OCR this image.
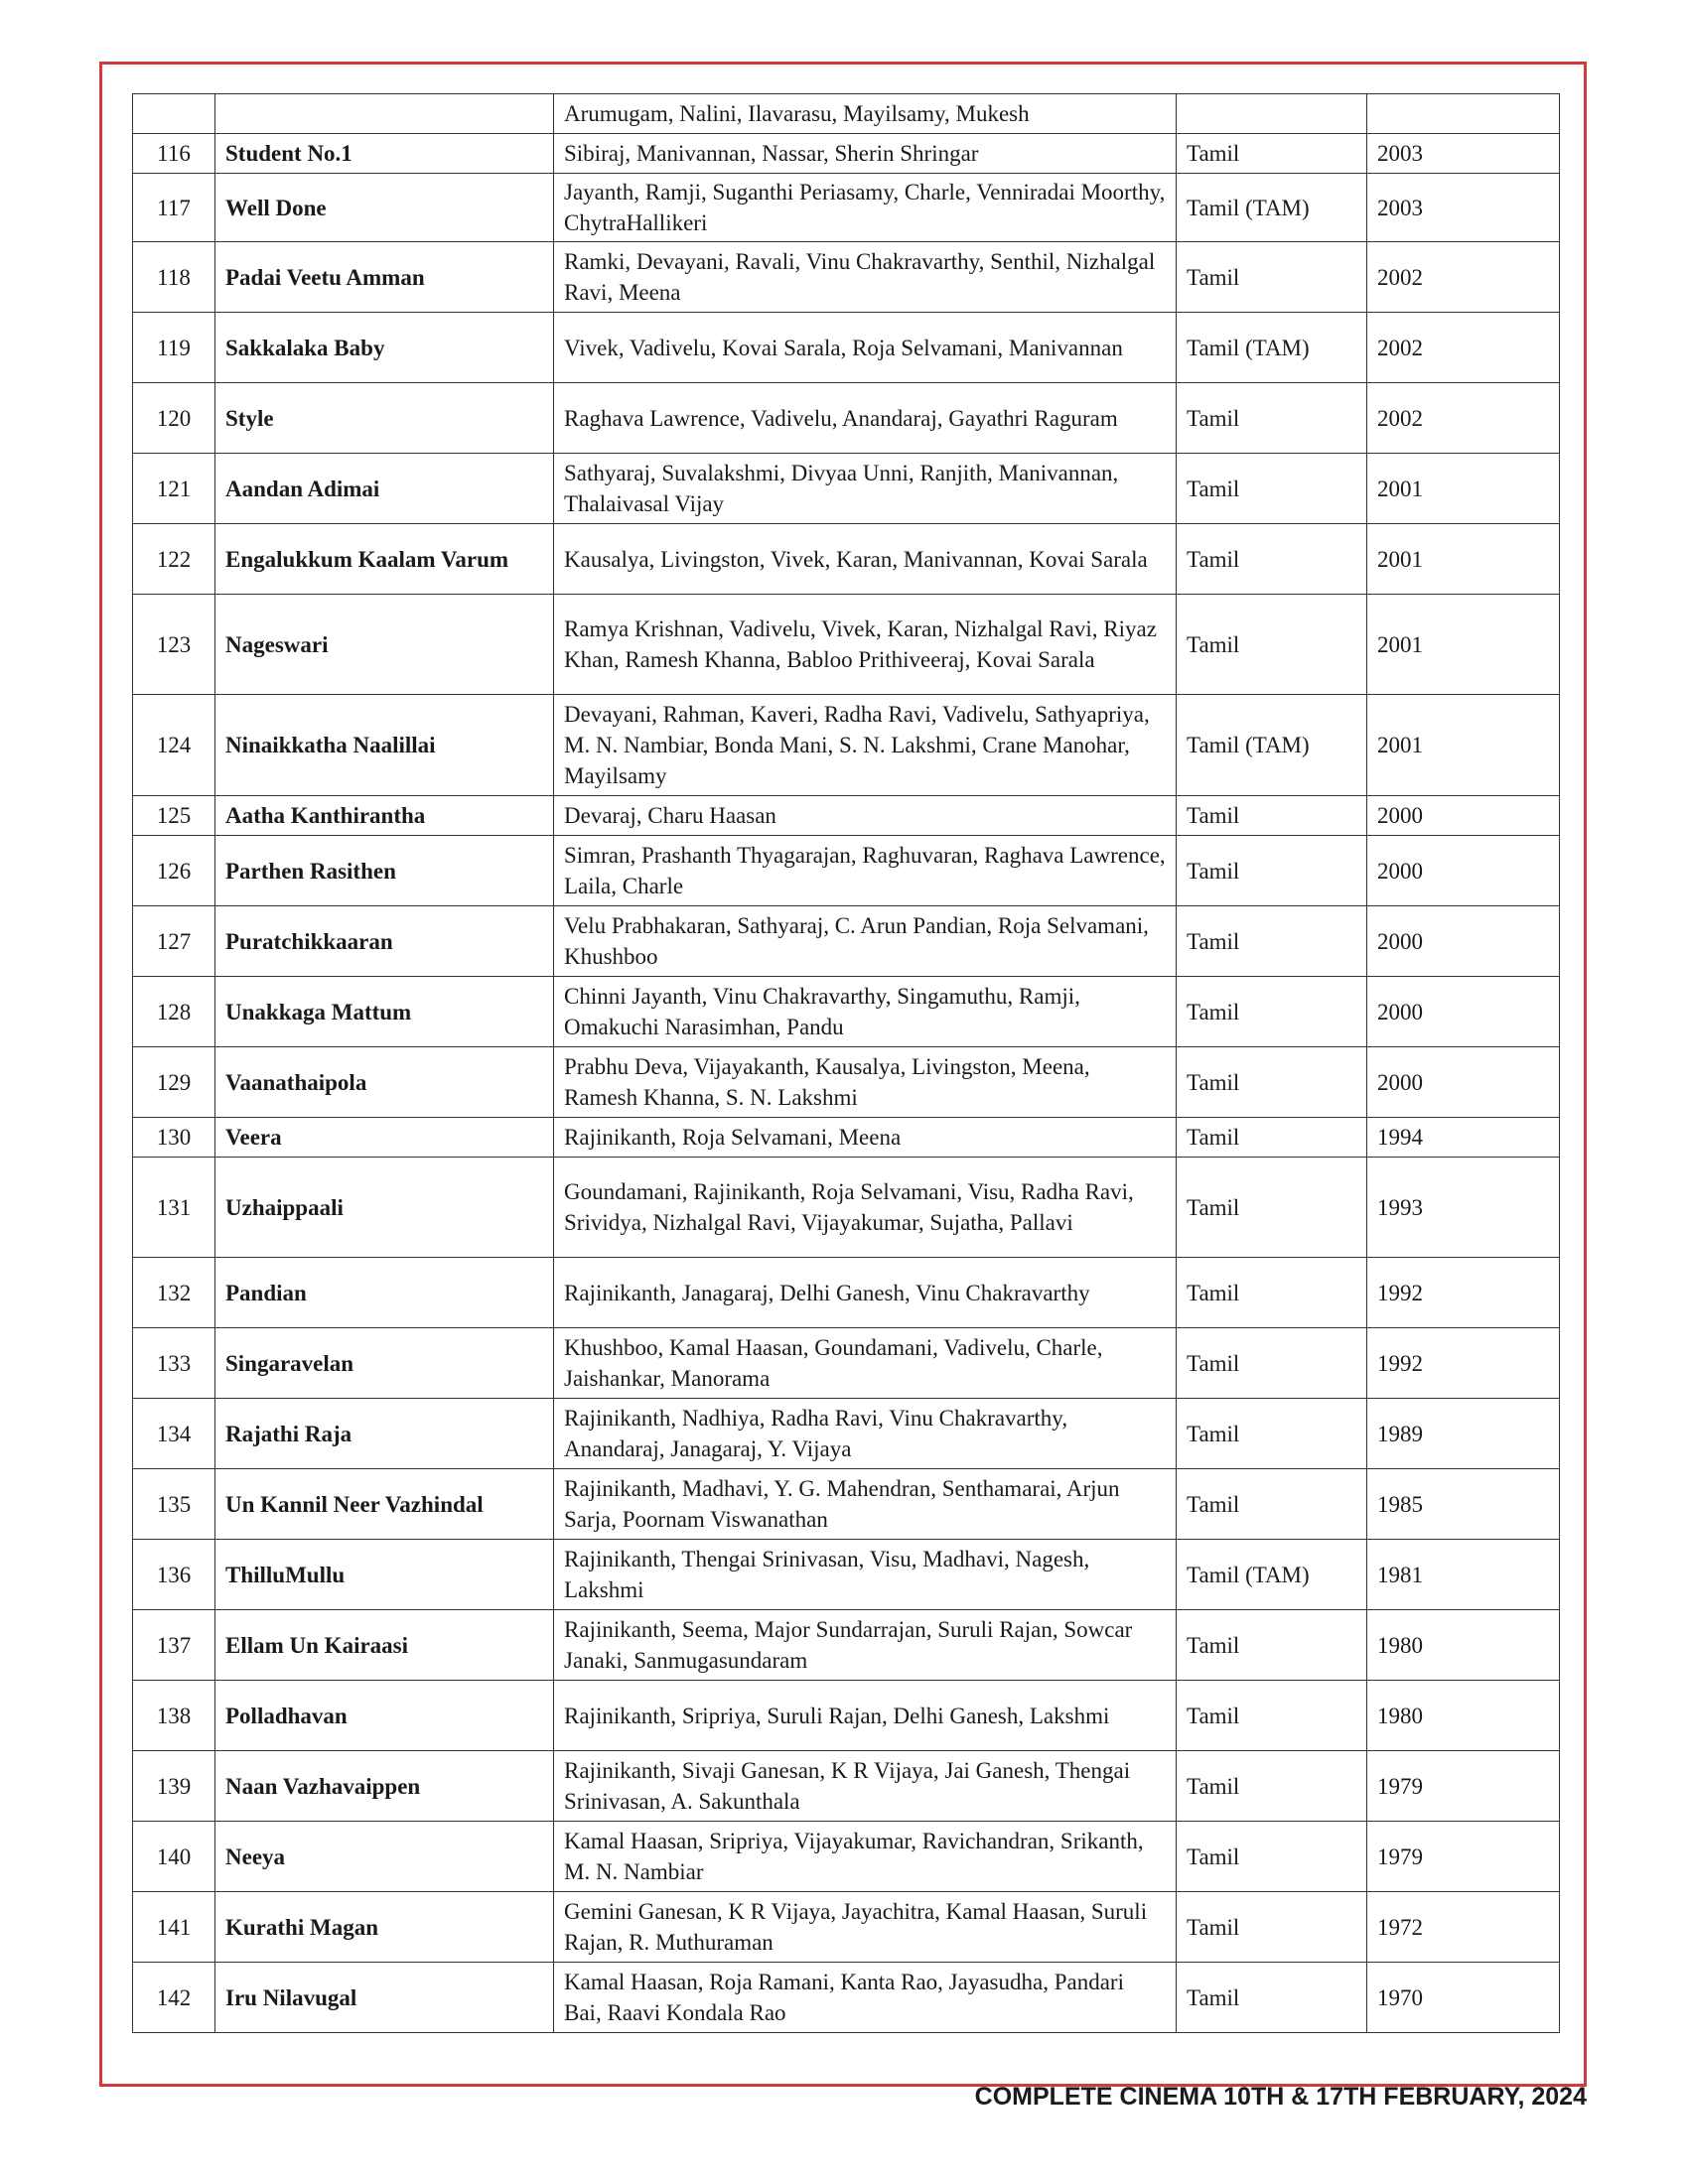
		Arumugam, Nalini, Ilavarasu, Mayilsamy, Mukesh		
116	Student No.1	Sibiraj, Manivannan, Nassar, Sherin Shringar	Tamil	2003
117	Well Done	Jayanth, Ramji, Suganthi Periasamy, Charle, Venniradai Moorthy, ChytraHallikeri	Tamil (TAM)	2003
118	Padai Veetu Amman	Ramki, Devayani, Ravali, Vinu Chakravarthy, Senthil, Nizhalgal Ravi, Meena	Tamil	2002
119	Sakkalaka Baby	Vivek, Vadivelu, Kovai Sarala, Roja Selvamani, Manivannan	Tamil (TAM)	2002
120	Style	Raghava Lawrence, Vadivelu, Anandaraj, Gayathri Raguram	Tamil	2002
121	Aandan Adimai	Sathyaraj, Suvalakshmi, Divyaa Unni, Ranjith, Manivannan, Thalaivasal Vijay	Tamil	2001
122	Engalukkum Kaalam Varum	Kausalya, Livingston, Vivek, Karan, Manivannan, Kovai Sarala	Tamil	2001
123	Nageswari	Ramya Krishnan, Vadivelu, Vivek, Karan, Nizhalgal Ravi, Riyaz Khan, Ramesh Khanna, Babloo Prithiveeraj, Kovai Sarala	Tamil	2001
124	Ninaikkatha Naalillai	Devayani, Rahman, Kaveri, Radha Ravi, Vadivelu, Sathyapriya, M. N. Nambiar, Bonda Mani, S. N. Lakshmi, Crane Manohar, Mayilsamy	Tamil (TAM)	2001
125	Aatha Kanthirantha	Devaraj, Charu Haasan	Tamil	2000
126	Parthen Rasithen	Simran, Prashanth Thyagarajan, Raghuvaran, Raghava Lawrence, Laila, Charle	Tamil	2000
127	Puratchikkaaran	Velu Prabhakaran, Sathyaraj, C. Arun Pandian, Roja Selvamani, Khushboo	Tamil	2000
128	Unakkaga Mattum	Chinni Jayanth, Vinu Chakravarthy, Singamuthu, Ramji, Omakuchi Narasimhan, Pandu	Tamil	2000
129	Vaanathaipola	Prabhu Deva, Vijayakanth, Kausalya, Livingston, Meena, Ramesh Khanna, S. N. Lakshmi	Tamil	2000
130	Veera	Rajinikanth, Roja Selvamani, Meena	Tamil	1994
131	Uzhaippaali	Goundamani, Rajinikanth, Roja Selvamani, Visu, Radha Ravi, Srividya, Nizhalgal Ravi, Vijayakumar, Sujatha, Pallavi	Tamil	1993
132	Pandian	Rajinikanth, Janagaraj, Delhi Ganesh, Vinu Chakravarthy	Tamil	1992
133	Singaravelan	Khushboo, Kamal Haasan, Goundamani, Vadivelu, Charle, Jaishankar, Manorama	Tamil	1992
134	Rajathi Raja	Rajinikanth, Nadhiya, Radha Ravi, Vinu Chakravarthy, Anandaraj, Janagaraj, Y. Vijaya	Tamil	1989
135	Un Kannil Neer Vazhindal	Rajinikanth, Madhavi, Y. G. Mahendran, Senthamarai, Arjun Sarja, Poornam Viswanathan	Tamil	1985
136	ThilluMullu	Rajinikanth, Thengai Srinivasan, Visu, Madhavi, Nagesh, Lakshmi	Tamil (TAM)	1981
137	Ellam Un Kairaasi	Rajinikanth, Seema, Major Sundarrajan, Suruli Rajan, Sowcar Janaki, Sanmugasundaram	Tamil	1980
138	Polladhavan	Rajinikanth, Sripriya, Suruli Rajan, Delhi Ganesh, Lakshmi	Tamil	1980
139	Naan Vazhavaippen	Rajinikanth, Sivaji Ganesan, K R Vijaya, Jai Ganesh, Thengai Srinivasan, A. Sakunthala	Tamil	1979
140	Neeya	Kamal Haasan, Sripriya, Vijayakumar, Ravichandran, Srikanth, M. N. Nambiar	Tamil	1979
141	Kurathi Magan	Gemini Ganesan, K R Vijaya, Jayachitra, Kamal Haasan, Suruli Rajan, R. Muthuraman	Tamil	1972
142	Iru Nilavugal	Kamal Haasan, Roja Ramani, Kanta Rao, Jayasudha, Pandari Bai, Raavi Kondala Rao	Tamil	1970
COMPLETE CINEMA 10TH & 17TH FEBRUARY, 2024
